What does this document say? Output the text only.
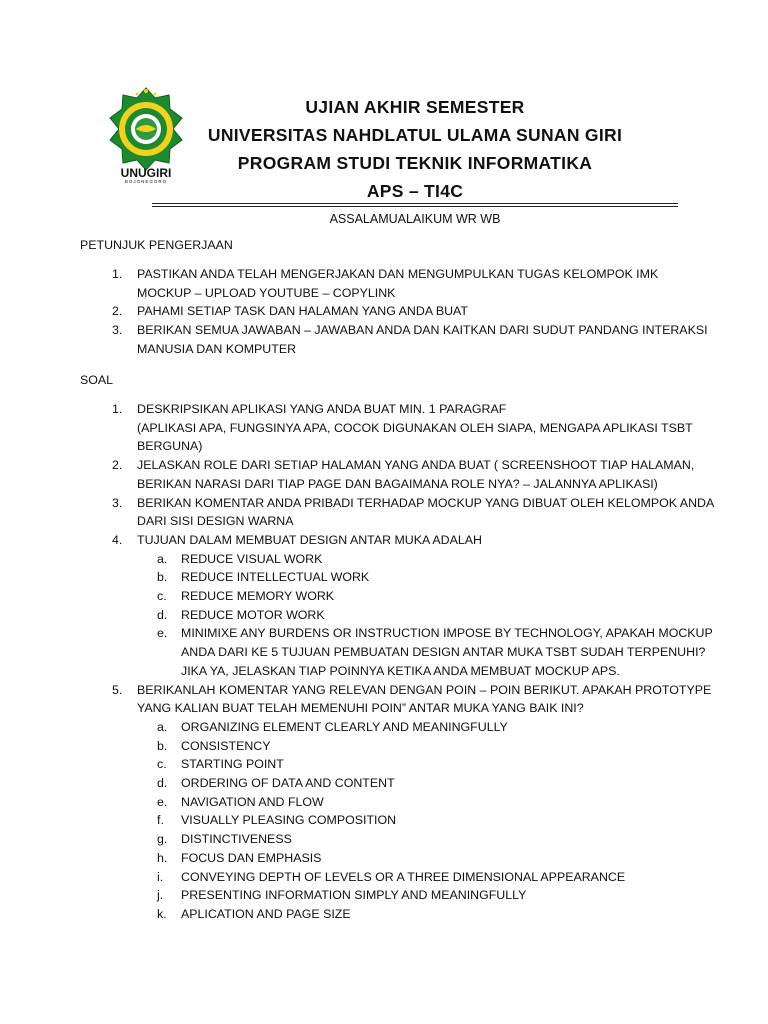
UNUGIRI
BOJONEGORO
UJIAN AKHIR SEMESTER
UNIVERSITAS NAHDLATUL ULAMA SUNAN GIRI
PROGRAM STUDI TEKNIK INFORMATIKA
APS – TI4C
ASSALAMUALAIKUM WR WB
PETUNJUK PENGERJAAN
1. PASTIKAN ANDA TELAH MENGERJAKAN DAN MENGUMPULKAN TUGAS KELOMPOK IMK
MOCKUP – UPLOAD YOUTUBE – COPYLINK
2. PAHAMI SETIAP TASK DAN HALAMAN YANG ANDA BUAT
3. BERIKAN SEMUA JAWABAN – JAWABAN ANDA DAN KAITKAN DARI SUDUT PANDANG INTERAKSI
MANUSIA DAN KOMPUTER
SOAL
1. DESKRIPSIKAN APLIKASI YANG ANDA BUAT MIN. 1 PARAGRAF
(APLIKASI APA, FUNGSINYA APA, COCOK DIGUNAKAN OLEH SIAPA, MENGAPA APLIKASI TSBT
BERGUNA)
2. JELASKAN ROLE DARI SETIAP HALAMAN YANG ANDA BUAT ( SCREENSHOOT TIAP HALAMAN,
BERIKAN NARASI DARI TIAP PAGE DAN BAGAIMANA ROLE NYA? – JALANNYA APLIKASI)
3. BERIKAN KOMENTAR ANDA PRIBADI TERHADAP MOCKUP YANG DIBUAT OLEH KELOMPOK ANDA
DARI SISI DESIGN WARNA
4. TUJUAN DALAM MEMBUAT DESIGN ANTAR MUKA ADALAH
a. REDUCE VISUAL WORK
b. REDUCE INTELLECTUAL WORK
c. REDUCE MEMORY WORK
d. REDUCE MOTOR WORK
e. MINIMIXE ANY BURDENS OR INSTRUCTION IMPOSE BY TECHNOLOGY, APAKAH MOCKUP
ANDA DARI KE 5 TUJUAN PEMBUATAN DESIGN ANTAR MUKA TSBT SUDAH TERPENUHI?
JIKA YA, JELASKAN TIAP POINNYA KETIKA ANDA MEMBUAT MOCKUP APS.
5. BERIKANLAH KOMENTAR YANG RELEVAN DENGAN POIN – POIN BERIKUT. APAKAH PROTOTYPE
YANG KALIAN BUAT TELAH MEMENUHI POIN” ANTAR MUKA YANG BAIK INI?
a. ORGANIZING ELEMENT CLEARLY AND MEANINGFULLY
b. CONSISTENCY
c. STARTING POINT
d. ORDERING OF DATA AND CONTENT
e. NAVIGATION AND FLOW
f. VISUALLY PLEASING COMPOSITION
g. DISTINCTIVENESS
h. FOCUS DAN EMPHASIS
i. CONVEYING DEPTH OF LEVELS OR A THREE DIMENSIONAL APPEARANCE
j. PRESENTING INFORMATION SIMPLY AND MEANINGFULLY
k. APLICATION AND PAGE SIZE
